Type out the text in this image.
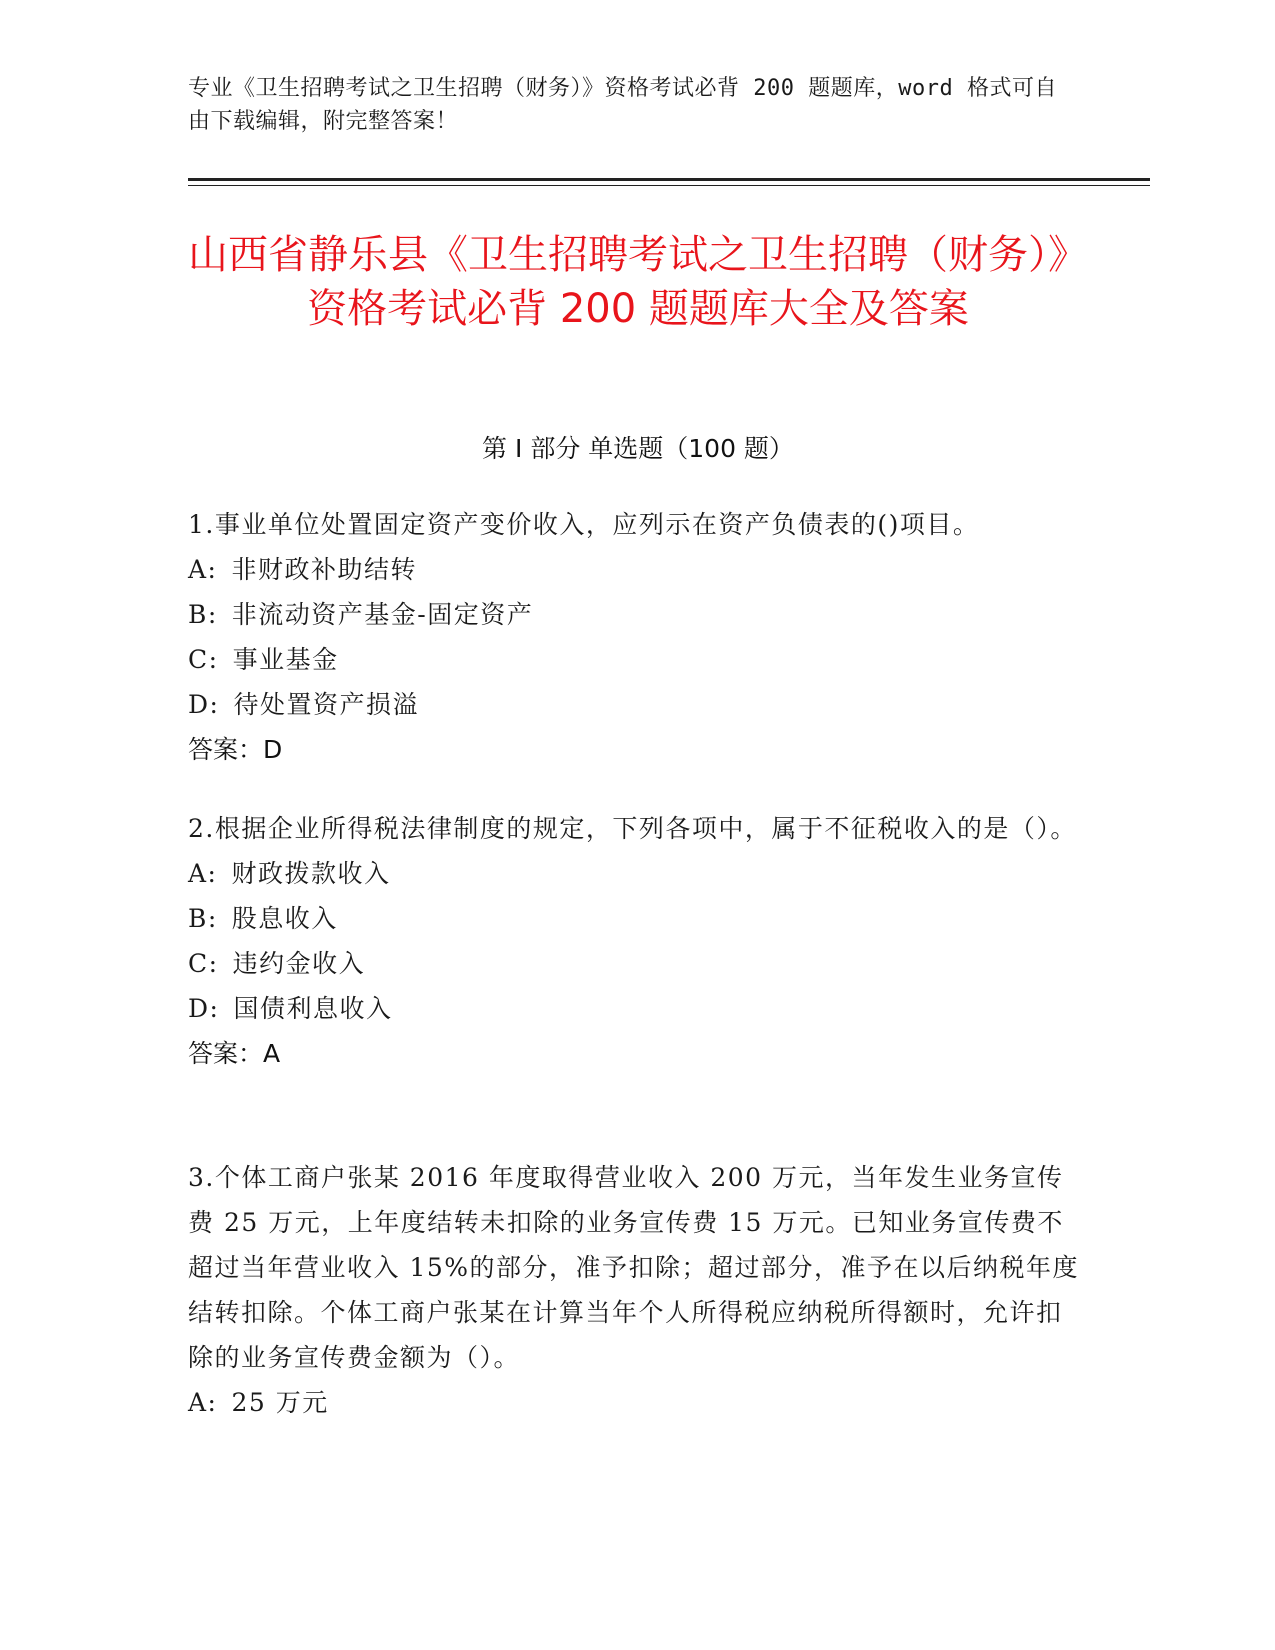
专业《卫生招聘考试之卫生招聘（财务）》资格考试必背 200 题题库，word 格式可自由下载编辑，附完整答案！
山西省静乐县《卫生招聘考试之卫生招聘（财务）》资格考试必背 200 题题库大全及答案
第 I 部分 单选题（100 题）
1.事业单位处置固定资产变价收入，应列示在资产负债表的()项目。
A: 非财政补助结转
B: 非流动资产基金-固定资产
C: 事业基金
D: 待处置资产损溢
答案：D
2.根据企业所得税法律制度的规定，下列各项中，属于不征税收入的是（）。
A: 财政拨款收入
B: 股息收入
C: 违约金收入
D: 国债利息收入
答案：A
3.个体工商户张某 2016 年度取得营业收入 200 万元，当年发生业务宣传费 25 万元，上年度结转未扣除的业务宣传费 15 万元。已知业务宣传费不超过当年营业收入 15%的部分，准予扣除；超过部分，准予在以后纳税年度结转扣除。个体工商户张某在计算当年个人所得税应纳税所得额时，允许扣除的业务宣传费金额为（）。
A: 25 万元
